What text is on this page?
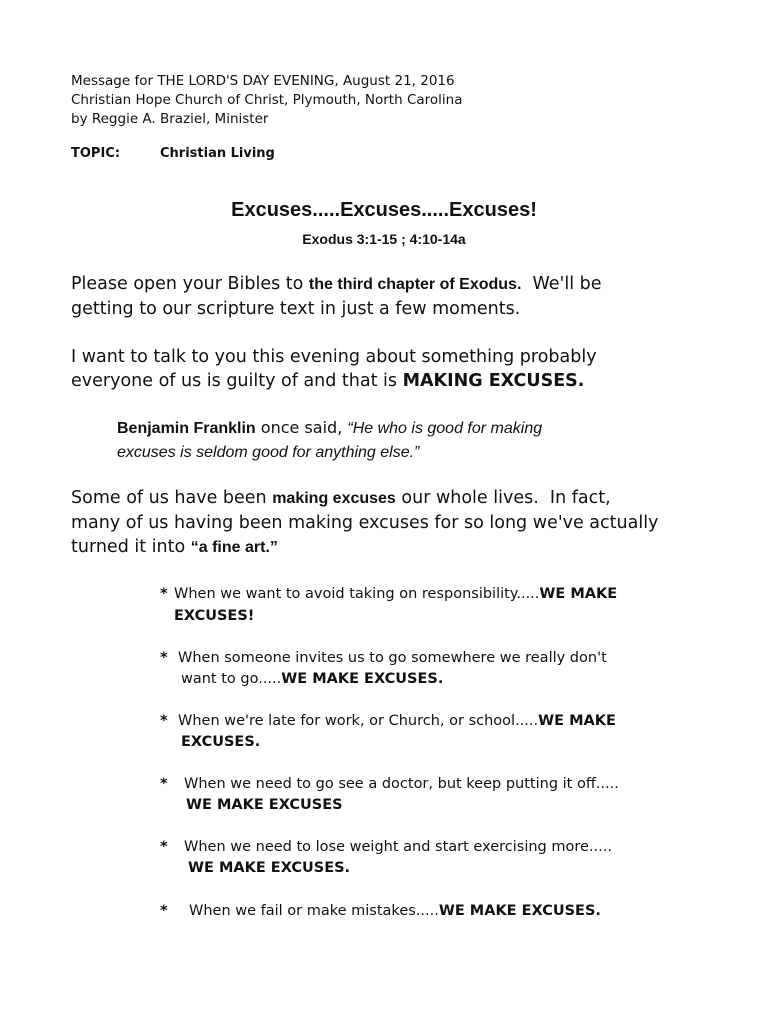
Message for THE LORD'S DAY EVENING, August 21, 2016
Christian Hope Church of Christ, Plymouth, North Carolina
by Reggie A. Braziel, Minister
TOPIC:	Christian Living
Excuses.....Excuses.....Excuses!
Exodus 3:1-15 ; 4:10-14a
Please open your Bibles to the third chapter of Exodus.  We'll be
getting to our scripture text in just a few moments.
I want to talk to you this evening about something probably
everyone of us is guilty of and that is MAKING EXCUSES.
Benjamin Franklin once said, “He who is good for making
excuses is seldom good for anything else.”
Some of us have been making excuses our whole lives.  In fact,
many of us having been making excuses for so long we've actually
turned it into “a fine art.”
* When we want to avoid taking on responsibility.....WE MAKE
EXCUSES!
* When someone invites us to go somewhere we really don't
want to go.....WE MAKE EXCUSES.
* When we're late for work, or Church, or school.....WE MAKE
EXCUSES.
* When we need to go see a doctor, but keep putting it off.....
WE MAKE EXCUSES
* When we need to lose weight and start exercising more.....
WE MAKE EXCUSES.
* When we fail or make mistakes.....WE MAKE EXCUSES.
